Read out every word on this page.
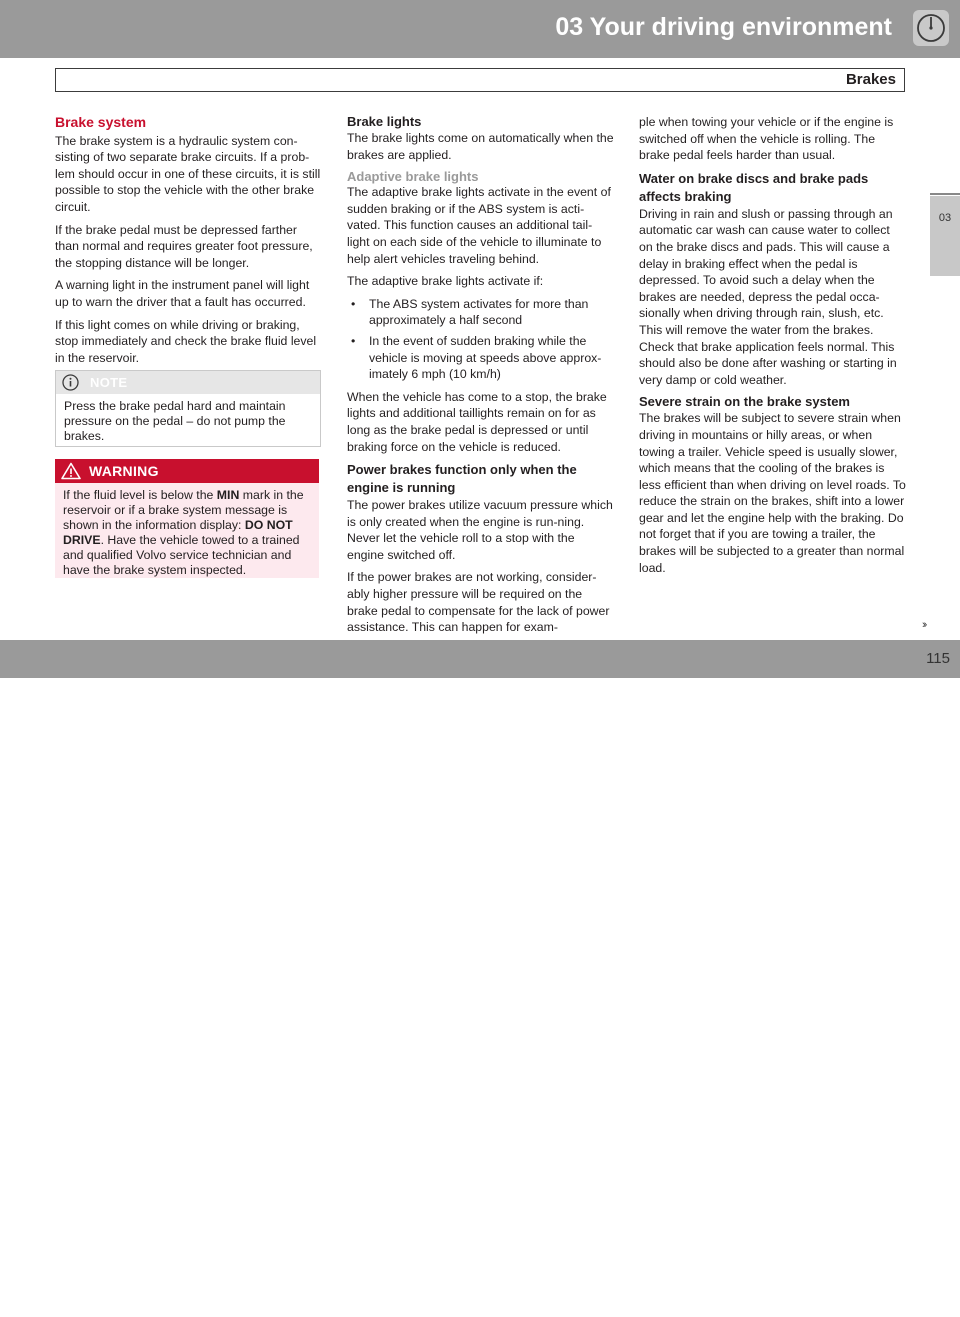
03 Your driving environment
Brakes
03
Brake system

The brake system is a hydraulic system con-sisting of two separate brake circuits. If a prob-lem should occur in one of these circuits, it is still possible to stop the vehicle with the other brake circuit.

If the brake pedal must be depressed farther than normal and requires greater foot pressure, the stopping distance will be longer.

A warning light in the instrument panel will light up to warn the driver that a fault has occurred.

If this light comes on while driving or braking, stop immediately and check the brake fluid level in the reservoir.

NOTE
Press the brake pedal hard and maintain pressure on the pedal – do not pump the brakes.
WARNING
If the fluid level is below the MIN mark in the reservoir or if a brake system message is shown in the information display: DO NOT DRIVE. Have the vehicle towed to a trained and qualified Volvo service technician and have the brake system inspected.
Brake lights

The brake lights come on automatically when the brakes are applied.

Adaptive brake lights

The adaptive brake lights activate in the event of sudden braking or if the ABS system is acti-vated. This function causes an additional tail-light on each side of the vehicle to illuminate to help alert vehicles traveling behind.

The adaptive brake lights activate if:

• The ABS system activates for more than approximately a half second
• In the event of sudden braking while the vehicle is moving at speeds above approx-imately 6 mph (10 km/h)

When the vehicle has come to a stop, the brake lights and additional taillights remain on for as long as the brake pedal is depressed or until braking force on the vehicle is reduced.

Power brakes function only when the engine is running

The power brakes utilize vacuum pressure which is only created when the engine is run-ning. Never let the vehicle roll to a stop with the engine switched off.

If the power brakes are not working, consider-ably higher pressure will be required on the brake pedal to compensate for the lack of power assistance. This can happen for exam-

ple when towing your vehicle or if the engine is switched off when the vehicle is rolling. The brake pedal feels harder than usual.

Water on brake discs and brake pads affects braking

Driving in rain and slush or passing through an automatic car wash can cause water to collect on the brake discs and pads. This will cause a delay in braking effect when the pedal is depressed. To avoid such a delay when the brakes are needed, depress the pedal occa-sionally when driving through rain, slush, etc. This will remove the water from the brakes. Check that brake application feels normal. This should also be done after washing or starting in very damp or cold weather.

Severe strain on the brake system

The brakes will be subject to severe strain when driving in mountains or hilly areas, or when towing a trailer. Vehicle speed is usually slower, which means that the cooling of the brakes is less efficient than when driving on level roads. To reduce the strain on the brakes, shift into a lower gear and let the engine help with the braking. Do not forget that if you are towing a trailer, the brakes will be subjected to a greater than normal load.

››
carmanualsonline.info
115
